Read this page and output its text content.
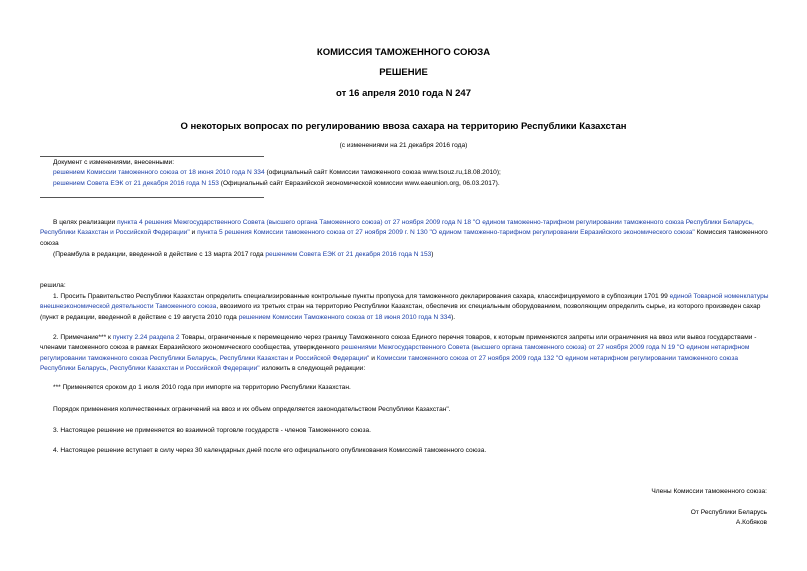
КОМИССИЯ ТАМОЖЕННОГО СОЮЗА
РЕШЕНИЕ
от 16 апреля 2010 года N 247
О некоторых вопросах по регулированию ввоза сахара на территорию Республики Казахстан
(с изменениями на 21 декабря 2016 года)

Документ с изменениями, внесенными:

решением Комиссии таможенного союза от 18 июня 2010 года N 334 (официальный сайт Комиссии таможенного союза www.tsouz.ru,18.08.2010);

решением Совета ЕЭК от 21 декабря 2016 года N 153 (Официальный сайт Евразийской экономической комиссии www.eaeunion.org, 06.03.2017).

В целях реализации пункта 4 решения Межгосударственного Совета (высшего органа Таможенного союза) от 27 ноября 2009 года N 18 "О едином таможенно-тарифном регулировании таможенного союза Республики Беларусь, Республики Казахстан и Российской Федерации" и пункта 5 решения Комиссии таможенного союза от 27 ноября 2009 г. N 130 "О едином таможенно-тарифном регулировании Евразийского экономического союза" Комиссия таможенного союза
(Преамбула в редакции, введенной в действие с 13 марта 2017 года решением Совета ЕЭК от 21 декабря 2016 года N 153)
решила:
1. Просить Правительство Республики Казахстан определить специализированные контрольные пункты пропуска для таможенного декларирования сахара, классифицируемого в субпозиции 1701 99 единой Товарной номенклатуры внешнеэкономической деятельности Таможенного союза, ввозимого из третьих стран на территорию Республики Казахстан, обеспечив их специальным оборудованием, позволяющим определить сырье, из которого произведен сахар (пункт в редакции, введенной в действие с 19 августа 2010 года решением Комиссии Таможенного союза от 18 июня 2010 года N 334).
2. Примечание*** к пункту 2.24 раздела 2 Товары, ограниченные к перемещению через границу Таможенного союза Единого перечня товаров, к которым применяются запреты или ограничения на ввоз или вывоз государствами - членами таможенного союза в рамках Евразийского экономического сообщества, утвержденного решениями Межгосударственного Совета (высшего органа таможенного союза) от 27 ноября 2009 года N 19 "О едином нетарифном регулировании таможенного союза Республики Беларусь, Республики Казахстан и Российской Федерации" и Комиссии таможенного союза от 27 ноября 2009 года 132 "О едином нетарифном регулировании таможенного союза Республики Беларусь, Республики Казахстан и Российской Федерации" изложить в следующей редакции:
*** Применяется сроком до 1 июля 2010 года при импорте на территорию Республики Казахстан.
Порядок применения количественных ограничений на ввоз и их объем определяется законодательством Республики Казахстан".
3. Настоящее решение не применяется во взаимной торговле государств - членов Таможенного союза.
4. Настоящее решение вступает в силу через 30 календарных дней после его официального опубликования Комиссией таможенного союза.
Члены Комиссии таможенного союза:
От Республики Беларусь
А.Кобяков
